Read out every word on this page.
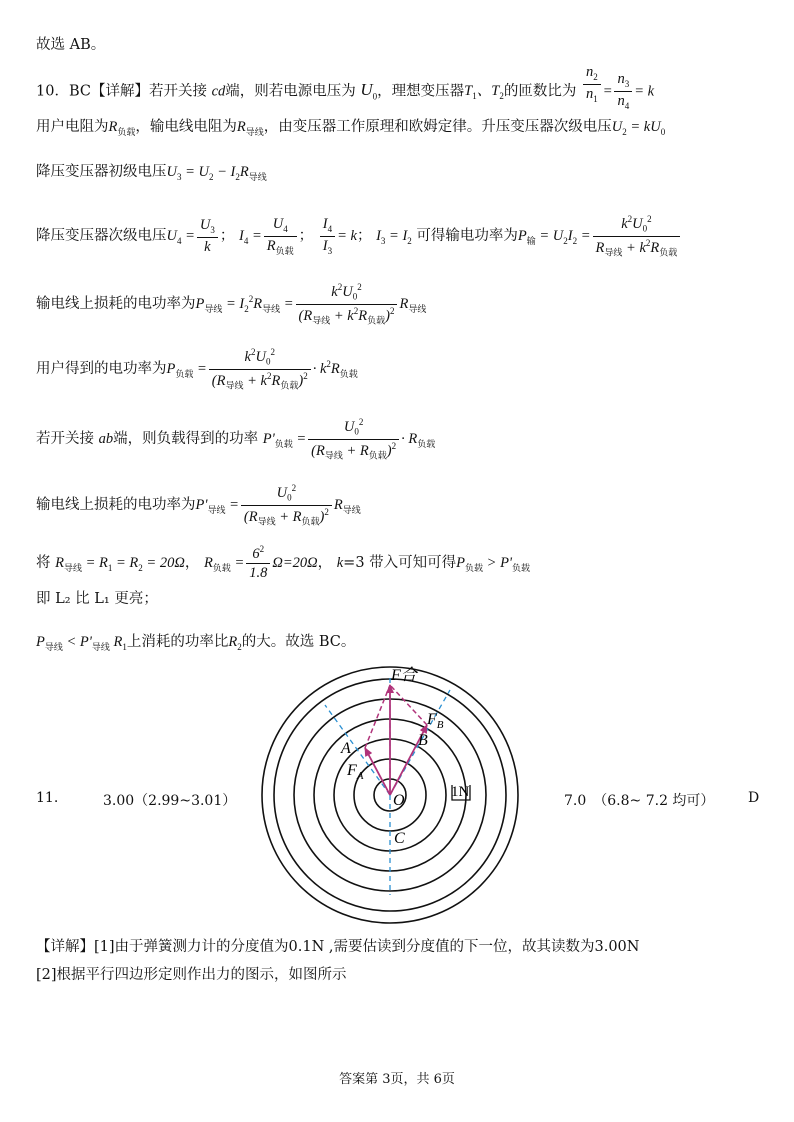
故选 AB。
10．BC【详解】若开关接 cd端，则若电源电压为 $U_0$，理想变压器$T_1$、$T_2$的匝数比为 $\frac{n_2}{n_1} = \frac{n_3}{n_4} = k$
用户电阻为$R_{负载}$，输电线电阻为$R_{导线}$，由变压器工作原理和欧姆定律。升压变压器次级电压$U_2 = kU_0$
降压变压器初级电压$U_3 = U_2 - I_2R_{导线}$
降压变压器次级电压$U_4 = \frac{U_3}{k}$ ； $I_4 = \frac{U_4}{R_{负载}}$ ； $\frac{I_4}{I_3} = k$； $I_3 = I_2$ 可得输电功率为$P_输 = U_2I_2 = \frac{k^2U_0^2}{R_{导线} + k^2R_{负载}}$
输电线上损耗的电功率为$P_{导线} = I_2^2R_{导线} = \frac{k^2U_0^2}{(R_{导线} + k^2R_{负载})^2} R_{导线}$
用户得到的电功率为$P_{负载} = \frac{k^2U_0^2}{(R_{导线} + k^2R_{负载})^2} \cdot k^2R_{负载}$
若开关接 ab端，则负载得到的功率 $P'_{负载} = \frac{U_0^2}{(R_{导线} + R_{负载})^2} \cdot R_{负载}$
输电线上损耗的电功率为$P'_{导线} = \frac{U_0^2}{(R_{导线} + R_{负载})^2} R_{导线}$
将 $R_{导线} = R_1 = R_2 = 20\Omega$， $R_{负载} = \frac{6^2}{1.8} \Omega=20\Omega$， k=3 带入可知可得$P_{负载} > P'_{负载}$
即 L₂ 比 L₁ 更亮；
$P_{导线} < P'_{导线}$ $R_1$上消耗的功率比$R_2$的大。故选 BC。
F合
$F_B$
B
A
$F_A$
O
C
1N
11.	3.00（2.99~3.01）	7.0　（6.8~ 7.2 均可） D
【详解】[1]由于弹簧测力计的分度值为0.1N ,需要估读到分度值的下一位，故其读数为3.00N
[2]根据平行四边形定则作出力的图示，如图所示
答案第 3页，共 6页
